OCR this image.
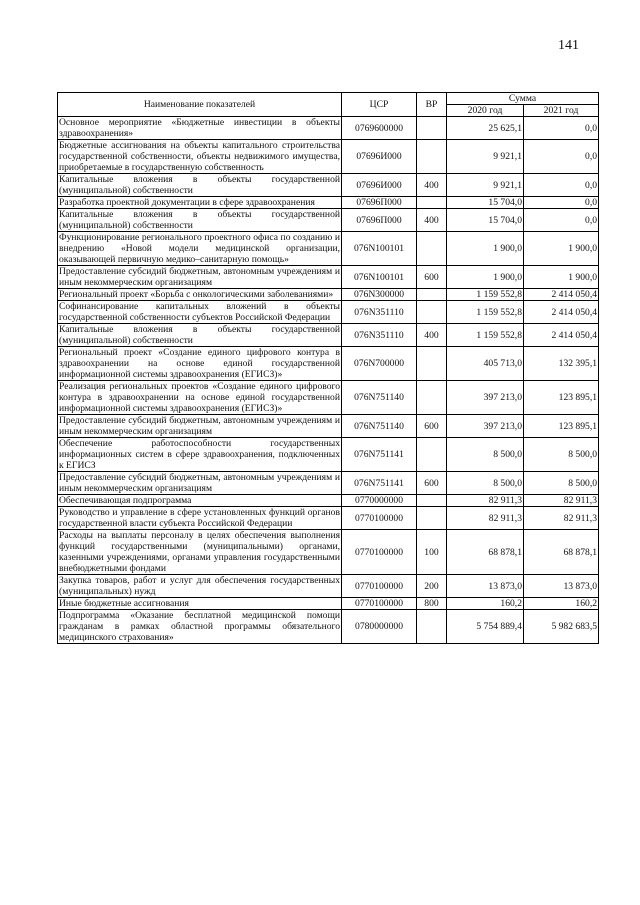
141
Наименование показателей	ЦСР	ВР	Сумма	
			2020 год	2021 год
Основное мероприятие «Бюджетные инвестиции в объекты здравоохранения»	0769600000		25 625,1	0,0
Бюджетные ассигнования на объекты капитального строительства государственной собственности, объекты недвижимого имущества, приобретаемые в государственную собственность	07696И000		9 921,1	0,0
Капитальные вложения в объекты государственной (муниципальной) собственности	07696И000	400	9 921,1	0,0
Разработка проектной документации в сфере здравоохранения	07696П000		15 704,0	0,0
Капитальные вложения в объекты государственной (муниципальной) собственности	07696П000	400	15 704,0	0,0
Функционирование регионального проектного офиса по созданию и внедрению «Новой модели медицинской организации, оказывающей первичную медико–санитарную помощь»	076N100101		1 900,0	1 900,0
Предоставление субсидий бюджетным, автономным учреждениям и иным некоммерческим организациям	076N100101	600	1 900,0	1 900,0
Региональный проект «Борьба с онкологическими заболеваниями»	076N300000		1 159 552,8	2 414 050,4
Софинансирование капитальных вложений в объекты государственной собственности субъектов Российской Федерации	076N351110		1 159 552,8	2 414 050,4
Капитальные вложения в объекты государственной (муниципальной) собственности	076N351110	400	1 159 552,8	2 414 050,4
Региональный проект «Создание единого цифрового контура в здравоохранении на основе единой государственной информационной системы здравоохранения (ЕГИСЗ)»	076N700000		405 713,0	132 395,1
Реализация региональных проектов «Создание единого цифрового контура в здравоохранении на основе единой государственной информационной системы здравоохранения (ЕГИСЗ)»	076N751140		397 213,0	123 895,1
Предоставление субсидий бюджетным, автономным учреждениям и иным некоммерческим организациям	076N751140	600	397 213,0	123 895,1
Обеспечение работоспособности государственных информационных систем в сфере здравоохранения, подключенных к ЕГИСЗ	076N751141		8 500,0	8 500,0
Предоставление субсидий бюджетным, автономным учреждениям и иным некоммерческим организациям	076N751141	600	8 500,0	8 500,0
Обеспечивающая подпрограмма	0770000000		82 911,3	82 911,3
Руководство и управление в сфере установленных функций органов государственной власти субъекта Российской Федерации	0770100000		82 911,3	82 911,3
Расходы на выплаты персоналу в целях обеспечения выполнения функций государственными (муниципальными) органами, казенными учреждениями, органами управления государственными внебюджетными фондами	0770100000	100	68 878,1	68 878,1
Закупка товаров, работ и услуг для обеспечения государственных (муниципальных) нужд	0770100000	200	13 873,0	13 873,0
Иные бюджетные ассигнования	0770100000	800	160,2	160,2
Подпрограмма «Оказание бесплатной медицинской помощи гражданам в рамках областной программы обязательного медицинского страхования»	0780000000		5 754 889,4	5 982 683,5
